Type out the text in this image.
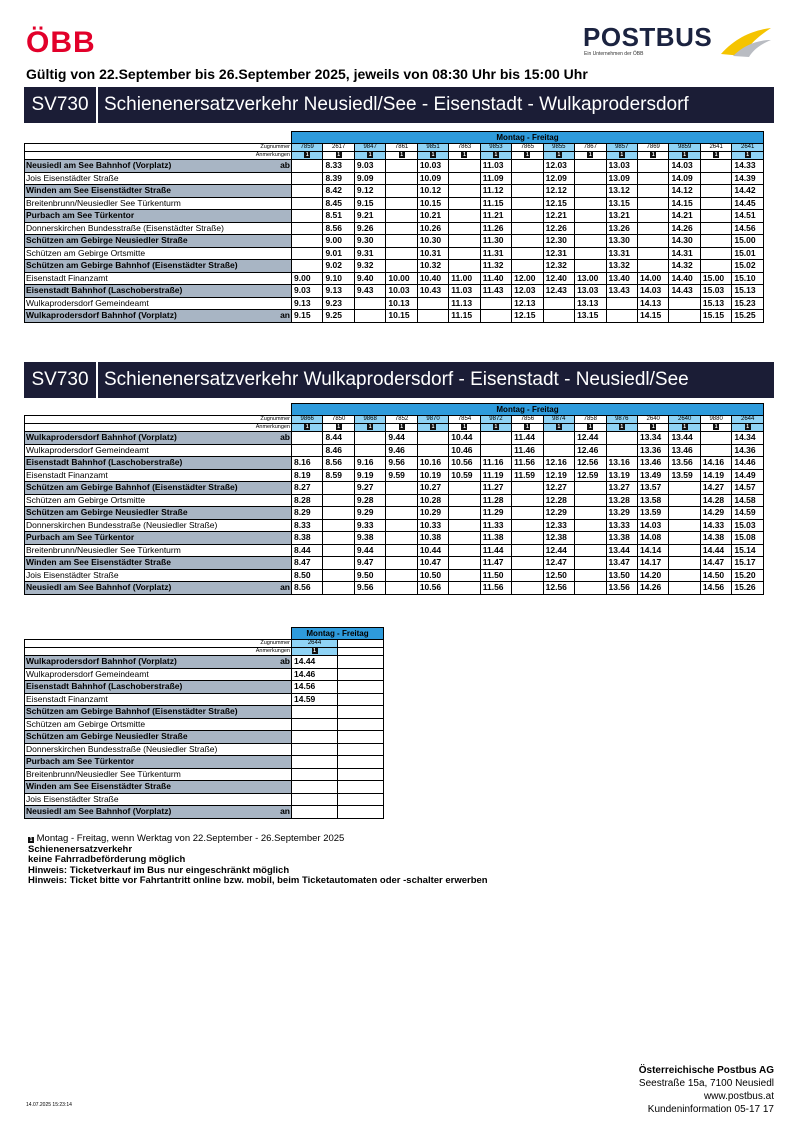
ÖBB	POSTBUS
Ein Unternehmen der ÖBB
Gültig von 22.September bis 26.September 2025, jeweils von 08:30 Uhr bis 15:00 Uhr
SV730 Schienenersatzverkehr Neusiedl/See - Eisenstadt - Wulkaprodersdorf
SV730 Schienenersatzverkehr Wulkaprodersdorf - Eisenstadt - Neusiedl/See
	Montag - Freitag														
Zugnummer	7859	2617	9847	7861	9851	7863	9853	7865	9855	7867	9857	7869	9859	2641	2641
Anmerkungen	1	1	1	1	1	1	1	1	1	1	1	1	1	1	1

ab
Neusiedl am See Bahnhof (Vorplatz)		8.33	9.03		10.03		11.03		12.03		13.03		14.03		14.33
Jois Eisenstädter Straße		8.39	9.09		10.09		11.09		12.09		13.09		14.09		14.39
Winden am See Eisenstädter Straße		8.42	9.12		10.12		11.12		12.12		13.12		14.12		14.42
Breitenbrunn/Neusiedler See Türkenturm		8.45	9.15		10.15		11.15		12.15		13.15		14.15		14.45
Purbach am See Türkentor		8.51	9.21		10.21		11.21		12.21		13.21		14.21		14.51
Donnerskirchen Bundesstraße (Eisenstädter Straße)		8.56	9.26		10.26		11.26		12.26		13.26		14.26		14.56
Schützen am Gebirge Neusiedler Straße		9.00	9.30		10.30		11.30		12.30		13.30		14.30		15.00
Schützen am Gebirge Ortsmitte		9.01	9.31		10.31		11.31		12.31		13.31		14.31		15.01
Schützen am Gebirge Bahnhof (Eisenstädter Straße)		9.02	9.32		10.32		11.32		12.32		13.32		14.32		15.02
Eisenstadt Finanzamt	9.00	9.10	9.40	10.00	10.40	11.00	11.40	12.00	12.40	13.00	13.40	14.00	14.40	15.00	15.10
Eisenstadt Bahnhof (Laschoberstraße)	9.03	9.13	9.43	10.03	10.43	11.03	11.43	12.03	12.43	13.03	13.43	14.03	14.43	15.03	15.13
Wulkaprodersdorf Gemeindeamt	9.13	9.23		10.13		11.13		12.13		13.13		14.13		15.13	15.23

an
Wulkaprodersdorf Bahnhof (Vorplatz)	9.15	9.25		10.15		11.15		12.15		13.15		14.15		15.15	15.25
	Montag - Freitag														
Zugnummer	9866	7850	9868	7852	9870	7854	9872	7856	9874	7858	9876	2640	2640	9880	2644
Anmerkungen	1	1	1	1	1	1	1	1	1	1	1	1	1	1	1

ab
Wulkaprodersdorf Bahnhof (Vorplatz)		8.44		9.44		10.44		11.44		12.44		13.34	13.44		14.34
Wulkaprodersdorf Gemeindeamt		8.46		9.46		10.46		11.46		12.46		13.36	13.46		14.36
Eisenstadt Bahnhof (Laschoberstraße)	8.16	8.56	9.16	9.56	10.16	10.56	11.16	11.56	12.16	12.56	13.16	13.46	13.56	14.16	14.46
Eisenstadt Finanzamt	8.19	8.59	9.19	9.59	10.19	10.59	11.19	11.59	12.19	12.59	13.19	13.49	13.59	14.19	14.49
Schützen am Gebirge Bahnhof (Eisenstädter Straße)	8.27		9.27		10.27		11.27		12.27		13.27	13.57		14.27	14.57
Schützen am Gebirge Ortsmitte	8.28		9.28		10.28		11.28		12.28		13.28	13.58		14.28	14.58
Schützen am Gebirge Neusiedler Straße	8.29		9.29		10.29		11.29		12.29		13.29	13.59		14.29	14.59
Donnerskirchen Bundesstraße (Neusiedler Straße)	8.33		9.33		10.33		11.33		12.33		13.33	14.03		14.33	15.03
Purbach am See Türkentor	8.38		9.38		10.38		11.38		12.38		13.38	14.08		14.38	15.08
Breitenbrunn/Neusiedler See Türkenturm	8.44		9.44		10.44		11.44		12.44		13.44	14.14		14.44	15.14
Winden am See Eisenstädter Straße	8.47		9.47		10.47		11.47		12.47		13.47	14.17		14.47	15.17
Jois Eisenstädter Straße	8.50		9.50		10.50		11.50		12.50		13.50	14.20		14.50	15.20

an
Neusiedl am See Bahnhof (Vorplatz)	8.56		9.56		10.56		11.56		12.56		13.56	14.26		14.56	15.26
	Montag - Freitag	
Zugnummer	2644	
Anmerkungen	1	

ab
Wulkaprodersdorf Bahnhof (Vorplatz)	14.44	
Wulkaprodersdorf Gemeindeamt	14.46	
Eisenstadt Bahnhof (Laschoberstraße)	14.56	
Eisenstadt Finanzamt	14.59	
Schützen am Gebirge Bahnhof (Eisenstädter Straße)		
Schützen am Gebirge Ortsmitte		
Schützen am Gebirge Neusiedler Straße		
Donnerskirchen Bundesstraße (Neusiedler Straße)		
Purbach am See Türkentor		
Breitenbrunn/Neusiedler See Türkenturm		
Winden am See Eisenstädter Straße		
Jois Eisenstädter Straße		

an
Neusiedl am See Bahnhof (Vorplatz)		
1 Montag - Freitag, wenn Werktag von 22.September - 26.September 2025
Schienenersatzverkehr
keine Fahrradbeförderung möglich
Hinweis: Ticketverkauf im Bus nur eingeschränkt möglich
Hinweis: Ticket bitte vor Fahrtantritt online bzw. mobil, beim Ticketautomaten oder -schalter erwerben
Österreichische Postbus AG
Seestraße 15a, 7100 Neusiedl
www.postbus.at
Kundeninformation 05-17 17
14.07.2025 15:23:14
